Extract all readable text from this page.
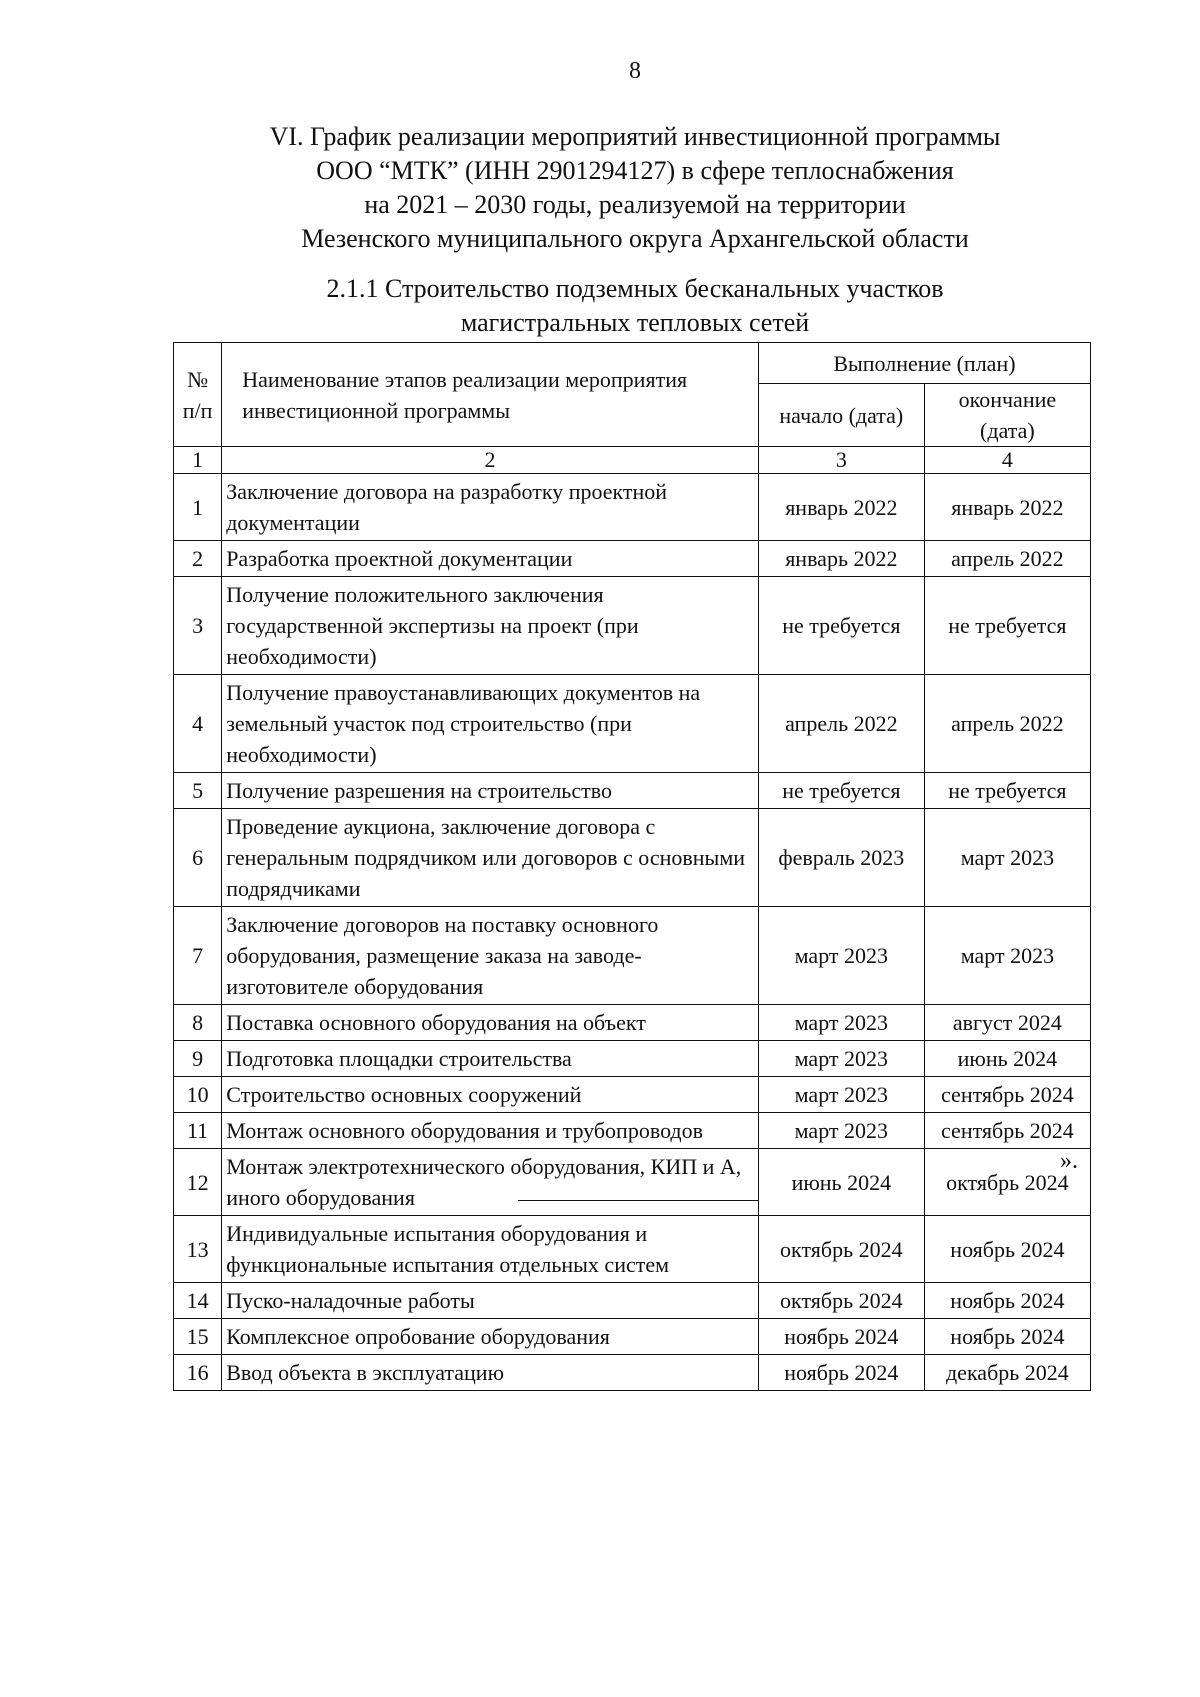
8
VI. График реализации мероприятий инвестиционной программы
ООО “МТК” (ИНН 2901294127) в сфере теплоснабжения
на 2021 – 2030 годы, реализуемой на территории
Мезенского муниципального округа Архангельской области
2.1.1 Строительство подземных бесканальных участков
магистральных тепловых сетей
№ п/п	Наименование этапов реализации мероприятия инвестиционной программы	Выполнение (план)	
		начало (дата)	окончание (дата)
1	2	3	4
1	Заключение договора на разработку проектной документации	январь 2022	январь 2022
2	Разработка проектной документации	январь 2022	апрель 2022
3	Получение положительного заключения государственной экспертизы на проект (при необходимости)	не требуется	не требуется
4	Получение правоустанавливающих документов на земельный участок под строительство (при необходимости)	апрель 2022	апрель 2022
5	Получение разрешения на строительство	не требуется	не требуется
6	Проведение аукциона, заключение договора с генеральным подрядчиком или договоров с основными подрядчиками	февраль 2023	март 2023
7	Заключение договоров на поставку основного оборудования, размещение заказа на заводе-изготовителе оборудования	март 2023	март 2023
8	Поставка основного оборудования на объект	март 2023	август 2024
9	Подготовка площадки строительства	март 2023	июнь 2024
10	Строительство основных сооружений	март 2023	сентябрь 2024
11	Монтаж основного оборудования и трубопроводов	март 2023	сентябрь 2024
12	Монтаж электротехнического оборудования, КИП и А, иного оборудования	июнь 2024	октябрь 2024
13	Индивидуальные испытания оборудования и функциональные испытания отдельных систем	октябрь 2024	ноябрь 2024
14	Пуско-наладочные работы	октябрь 2024	ноябрь 2024
15	Комплексное опробование оборудования	ноябрь 2024	ноябрь 2024
16	Ввод объекта в эксплуатацию	ноябрь 2024	декабрь 2024
».
